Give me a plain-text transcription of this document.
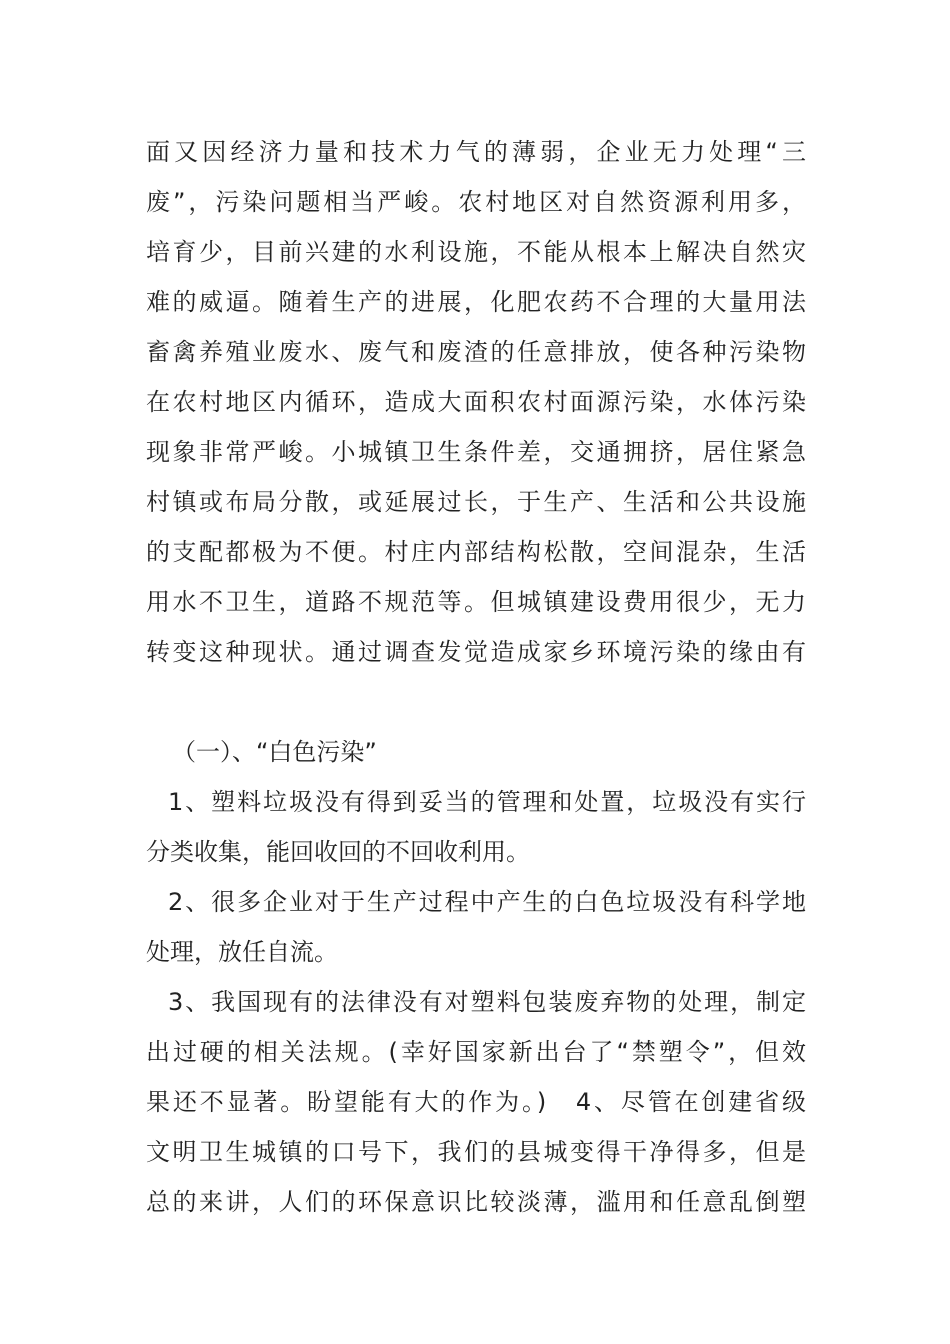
面又因经济力量和技术力气的薄弱，企业无力处理“三
废”，污染问题相当严峻。农村地区对自然资源利用多，
培育少，目前兴建的水利设施，不能从根本上解决自然灾
难的威逼。随着生产的进展，化肥农药不合理的大量用法
畜禽养殖业废水、废气和废渣的任意排放，使各种污染物
在农村地区内循环，造成大面积农村面源污染，水体污染
现象非常严峻。小城镇卫生条件差，交通拥挤，居住紧急
村镇或布局分散，或延展过长，于生产、生活和公共设施
的支配都极为不便。村庄内部结构松散，空间混杂，生活
用水不卫生，道路不规范等。但城镇建设费用很少，无力
转变这种现状。通过调查发觉造成家乡环境污染的缘由有
（一）、“白色污染”
1、塑料垃圾没有得到妥当的管理和处置，垃圾没有实行
分类收集，能回收回的不回收利用。
2、很多企业对于生产过程中产生的白色垃圾没有科学地
处理，放任自流。
3、我国现有的法律没有对塑料包装废弃物的处理，制定
出过硬的相关法规。(幸好国家新出台了“禁塑令”，但效
果还不显著。盼望能有大的作为。)　4、尽管在创建省级
文明卫生城镇的口号下，我们的县城变得干净得多，但是
总的来讲，人们的环保意识比较淡薄，滥用和任意乱倒塑
